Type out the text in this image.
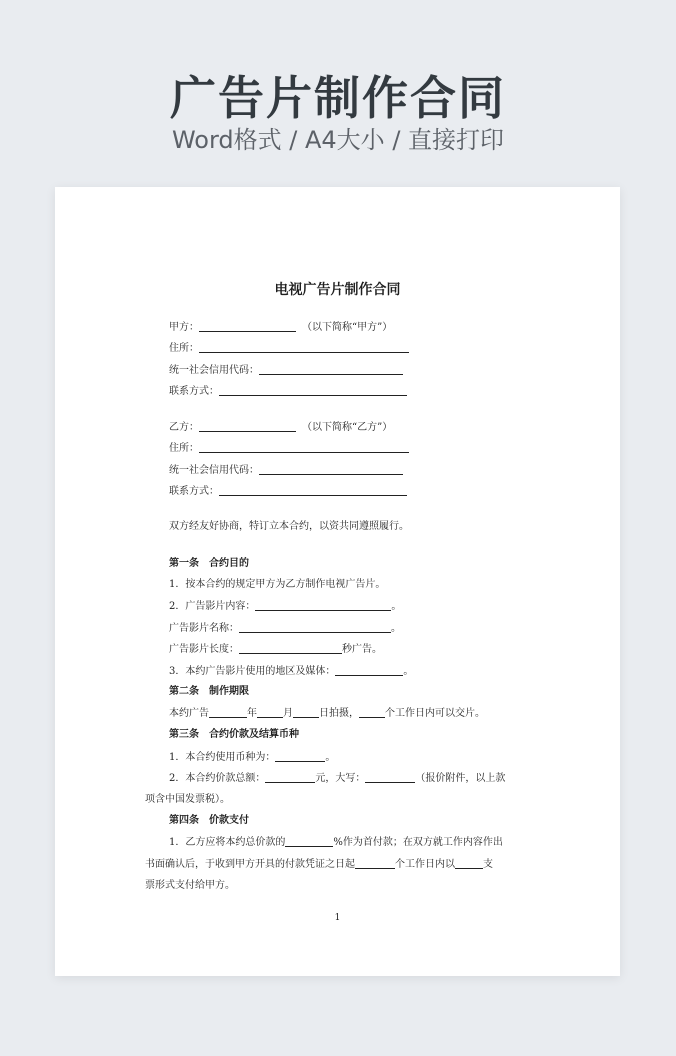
广告片制作合同
Word格式 / A4大小 / 直接打印
电视广告片制作合同
甲方：	（以下简称“甲方”）
住所：
统一社会信用代码：
联系方式：
乙方：	（以下简称“乙方”）
住所：
统一社会信用代码：
联系方式：
双方经友好协商，特订立本合约，以资共同遵照履行。
第一条　合约目的
1．按本合约的规定甲方为乙方制作电视广告片。
2．广告影片内容：	。
广告影片名称：	。
广告影片长度：	秒广告。
3．本约广告影片使用的地区及媒体：	。
第二条　制作期限
本约广告	年	月	日拍摄，	个工作日内可以交片。
第三条　合约价款及结算币种
1．本合约使用币种为：	。
2．本合约价款总额：	元，大写：	（报价附件，以上款
项含中国发票税）。
第四条　价款支付
1．乙方应将本约总价款的	%作为首付款；在双方就工作内容作出
书面确认后，于收到甲方开具的付款凭证之日起	个工作日内以	支
票形式支付给甲方。
1
